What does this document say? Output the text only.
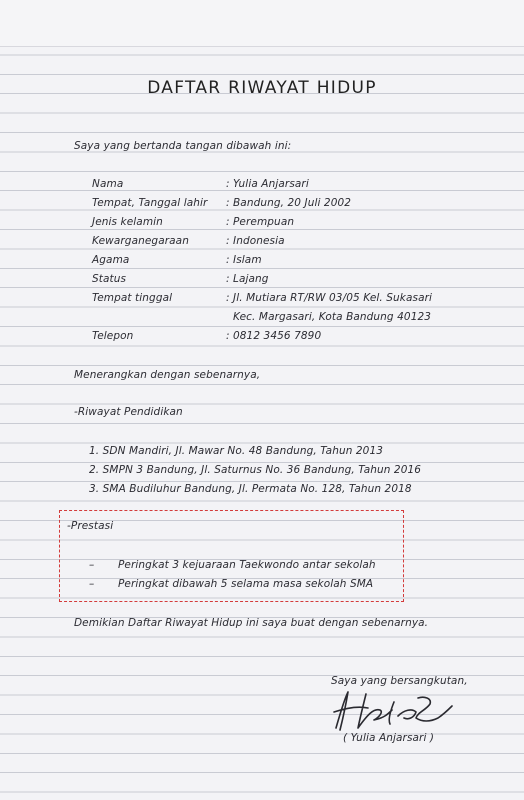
DAFTAR RIWAYAT HIDUP
Saya yang bertanda tangan dibawah ini:
Nama	: Yulia Anjarsari
Tempat, Tanggal lahir : Bandung, 20 Juli 2002
Jenis kelamin	: Perempuan
Kewarganegaraan	: Indonesia
Agama	: Islam
Status	: Lajang
Tempat tinggal	: Jl. Mutiara RT/RW 03/05 Kel. Sukasari
Kec. Margasari, Kota Bandung 40123
Telepon	: 0812 3456 7890
Menerangkan dengan sebenarnya,
-Riwayat Pendidikan
1. SDN Mandiri, Jl. Mawar No. 48 Bandung, Tahun 2013
2. SMPN 3 Bandung, Jl. Saturnus No. 36 Bandung, Tahun 2016
3. SMA Budiluhur Bandung, Jl. Permata No. 128, Tahun 2018
-Prestasi
– Peringkat 3 kejuaraan Taekwondo antar sekolah
– Peringkat dibawah 5 selama masa sekolah SMA
Demikian Daftar Riwayat Hidup ini saya buat dengan sebenarnya.
Saya yang bersangkutan,
( Yulia Anjarsari )
